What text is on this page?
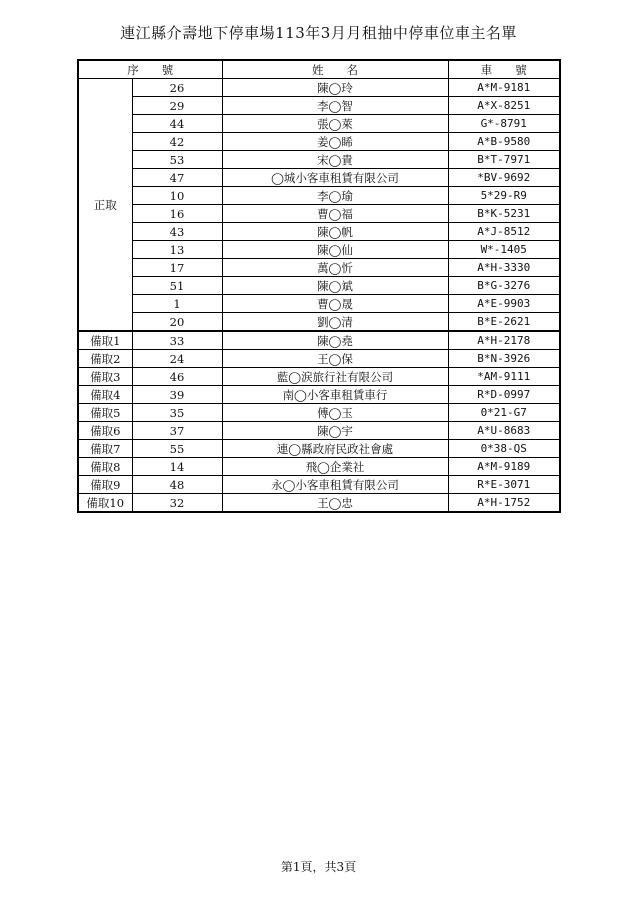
連江縣介壽地下停車場113年3月月租抽中停車位車主名單
序　　號		姓　　名	車　　號
正取	26	陳◯玲	A*M-9181
	29	李◯智	A*X-8251
	44	張◯萊	G*-8791
	42	姜◯睎	A*B-9580
	53	宋◯貴	B*T-7971
	47	◯城小客車租賃有限公司	*BV-9692
	10	李◯瑜	5*29-R9
	16	曹◯福	B*K-5231
	43	陳◯帆	A*J-8512
	13	陳◯仙	W*-1405
	17	萬◯忻	A*H-3330
	51	陳◯斌	B*G-3276
	1	曹◯晟	A*E-9903
	20	劉◯清	B*E-2621
備取1	33	陳◯堯	A*H-2178
備取2	24	王◯保	B*N-3926
備取3	46	藍◯涙旅行社有限公司	*AM-9111
備取4	39	南◯小客車租賃車行	R*D-0997
備取5	35	傅◯玉	0*21-G7
備取6	37	陳◯宇	A*U-8683
備取7	55	連◯縣政府民政社會處	0*38-QS
備取8	14	飛◯企業社	A*M-9189
備取9	48	永◯小客車租賃有限公司	R*E-3071
備取10	32	王◯忠	A*H-1752
第1頁，共3頁
